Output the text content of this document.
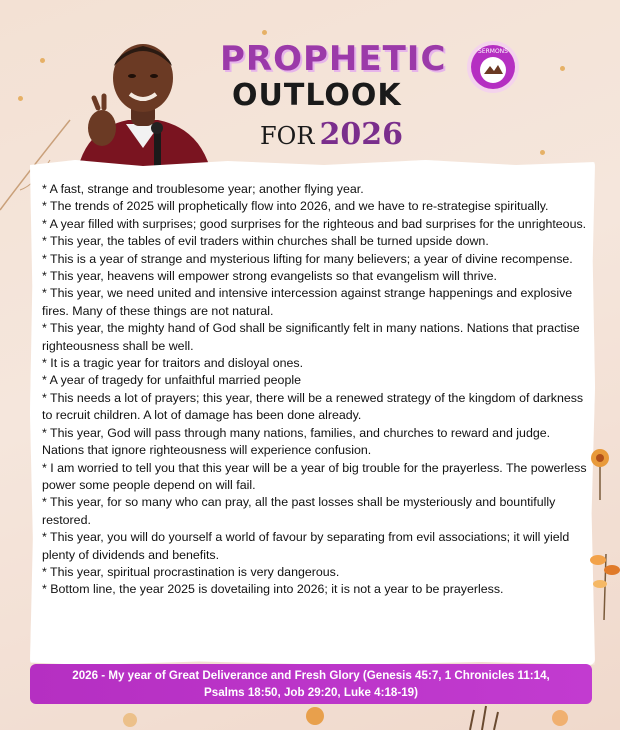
PROPHETIC
OUTLOOK
FOR 2026
SERMONS
* A fast, strange and troublesome year; another flying year.
* The trends of 2025 will prophetically flow into 2026, and we have to re-strategise spiritually.
* A year filled with surprises; good surprises for the righteous and bad surprises for the unrighteous.
* This year, the tables of evil traders within churches shall be turned upside down.
* This is a year of strange and mysterious lifting for many believers; a year of divine recompense.
* This year, heavens will empower strong evangelists so that evangelism will thrive.
* This year, we need united and intensive intercession against strange happenings and explosive fires. Many of these things are not natural.
* This year, the mighty hand of God shall be significantly felt in many nations. Nations that practise righteousness shall be well.
* It is a tragic year for traitors and disloyal ones.
* A year of tragedy for unfaithful married people
* This needs a lot of prayers; this year, there will be a renewed strategy of the kingdom of darkness to recruit children. A lot of damage has been done already.
* This year, God will pass through many nations, families, and churches to reward and judge. Nations that ignore righteousness will experience confusion.
* I am worried to tell you that this year will be a year of big trouble for the prayerless. The powerless power some people depend on will fail.
* This year, for so many who can pray, all the past losses shall be mysteriously and bountifully restored.
* This year, you will do yourself a world of favour by separating from evil associations; it will yield plenty of dividends and benefits.
* This year, spiritual procrastination is very dangerous.
* Bottom line, the year 2025 is dovetailing into 2026; it is not a year to be prayerless.
2026 - My year of Great Deliverance and Fresh Glory (Genesis 45:7, 1 Chronicles 11:14,
Psalms 18:50, Job 29:20, Luke 4:18-19)
